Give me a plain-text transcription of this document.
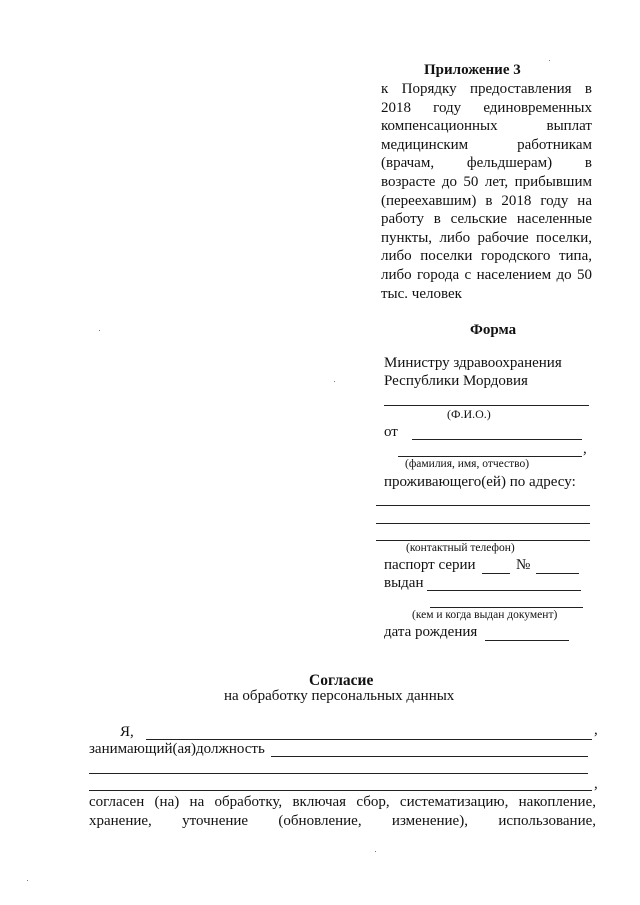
Приложение 3
к Порядку предоставления в
2018 году единовременных
компенсационных выплат
медицинским работникам
(врачам, фельдшерам) в
возрасте до 50 лет, прибывшим
(переехавшим) в 2018 году на
работу в сельские населенные
пункты, либо рабочие поселки,
либо поселки городского типа,
либо города с населением до 50
тыс. человек
Форма
Министру здравоохранения
Республики Мордовия
(Ф.И.О.)
от
,
(фамилия, имя, отчество)
проживающего(ей) по адресу:
(контактный телефон)
паспорт серии	№
выдан
(кем и когда выдан документ)
дата рождения
Согласие
на обработку персональных данных
Я,	,
занимающий(ая)должность
,
согласен (на) на обработку, включая сбор, систематизацию, накопление,
хранение, уточнение (обновление, изменение), использование,
